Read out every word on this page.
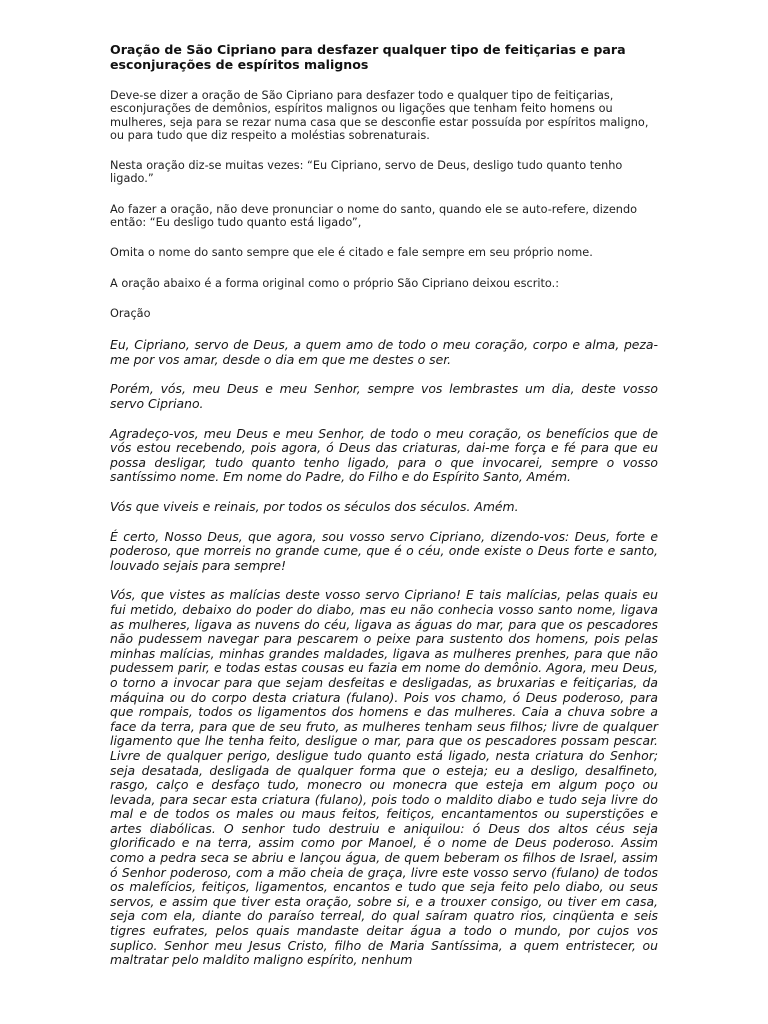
Oração de São Cipriano para desfazer qualquer tipo de feitiçarias e para esconjurações de espíritos malignos

Deve-se dizer a oração de São Cipriano para desfazer todo e qualquer tipo de feitiçarias, esconjurações de demônios, espíritos malignos ou ligações que tenham feito homens ou mulheres, seja para se rezar numa casa que se desconfie estar possuída por espíritos maligno, ou para tudo que diz respeito a moléstias sobrenaturais.

Nesta oração diz-se muitas vezes: “Eu Cipriano, servo de Deus, desligo tudo quanto tenho ligado.”

Ao fazer a oração, não deve pronunciar o nome do santo, quando ele se auto-refere, dizendo então: “Eu desligo tudo quanto está ligado”,

Omita o nome do santo sempre que ele é citado e fale sempre em seu próprio nome.

A oração abaixo é a forma original como o próprio São Cipriano deixou escrito.:

Oração

Eu, Cipriano, servo de Deus, a quem amo de todo o meu coração, corpo e alma, peza-me por vos amar, desde o dia em que me destes o ser.

Porém, vós, meu Deus e meu Senhor, sempre vos lembrastes um dia, deste vosso servo Cipriano.

Agradeço-vos, meu Deus e meu Senhor, de todo o meu coração, os benefícios que de vós estou recebendo, pois agora, ó Deus das criaturas, dai-me força e fé para que eu possa desligar, tudo quanto tenho ligado, para o que invocarei, sempre o vosso santíssimo nome. Em nome do Padre, do Filho e do Espírito Santo, Amém.

Vós que viveis e reinais, por todos os séculos dos séculos. Amém.

É certo, Nosso Deus, que agora, sou vosso servo Cipriano, dizendo-vos: Deus, forte e poderoso, que morreis no grande cume, que é o céu, onde existe o Deus forte e santo, louvado sejais para sempre!

Vós, que vistes as malícias deste vosso servo Cipriano! E tais malícias, pelas quais eu fui metido, debaixo do poder do diabo, mas eu não conhecia vosso santo nome, ligava as mulheres, ligava as nuvens do céu, ligava as águas do mar, para que os pescadores não pudessem navegar para pescarem o peixe para sustento dos homens, pois pelas minhas malícias, minhas grandes maldades, ligava as mulheres prenhes, para que não pudessem parir, e todas estas cousas eu fazia em nome do demônio. Agora, meu Deus, o torno a invocar para que sejam desfeitas e desligadas, as bruxarias e feitiçarias, da máquina ou do corpo desta criatura (fulano). Pois vos chamo, ó Deus poderoso, para que rompais, todos os ligamentos dos homens e das mulheres. Caia a chuva sobre a face da terra, para que de seu fruto, as mulheres tenham seus filhos; livre de qualquer ligamento que lhe tenha feito, desligue o mar, para que os pescadores possam pescar. Livre de qualquer perigo, desligue tudo quanto está ligado, nesta criatura do Senhor; seja desatada, desligada de qualquer forma que o esteja; eu a desligo, desalfineto, rasgo, calço e desfaço tudo, monecro ou monecra que esteja em algum poço ou levada, para secar esta criatura (fulano), pois todo o maldito diabo e tudo seja livre do mal e de todos os males ou maus feitos, feitiços, encantamentos ou superstições e artes diabólicas. O senhor tudo destruiu e aniquilou: ó Deus dos altos céus seja glorificado e na terra, assim como por Manoel, é o nome de Deus poderoso. Assim como a pedra seca se abriu e lançou água, de quem beberam os filhos de Israel, assim ó Senhor poderoso, com a mão cheia de graça, livre este vosso servo (fulano) de todos os malefícios, feitiços, ligamentos, encantos e tudo que seja feito pelo diabo, ou seus servos, e assim que tiver esta oração, sobre si, e a trouxer consigo, ou tiver em casa, seja com ela, diante do paraíso terreal, do qual saíram quatro rios, cinqüenta e seis tigres eufrates, pelos quais mandaste deitar água a todo o mundo, por cujos vos suplico. Senhor meu Jesus Cristo, filho de Maria Santíssima, a quem entristecer, ou maltratar pelo maldito maligno espírito, nenhum
